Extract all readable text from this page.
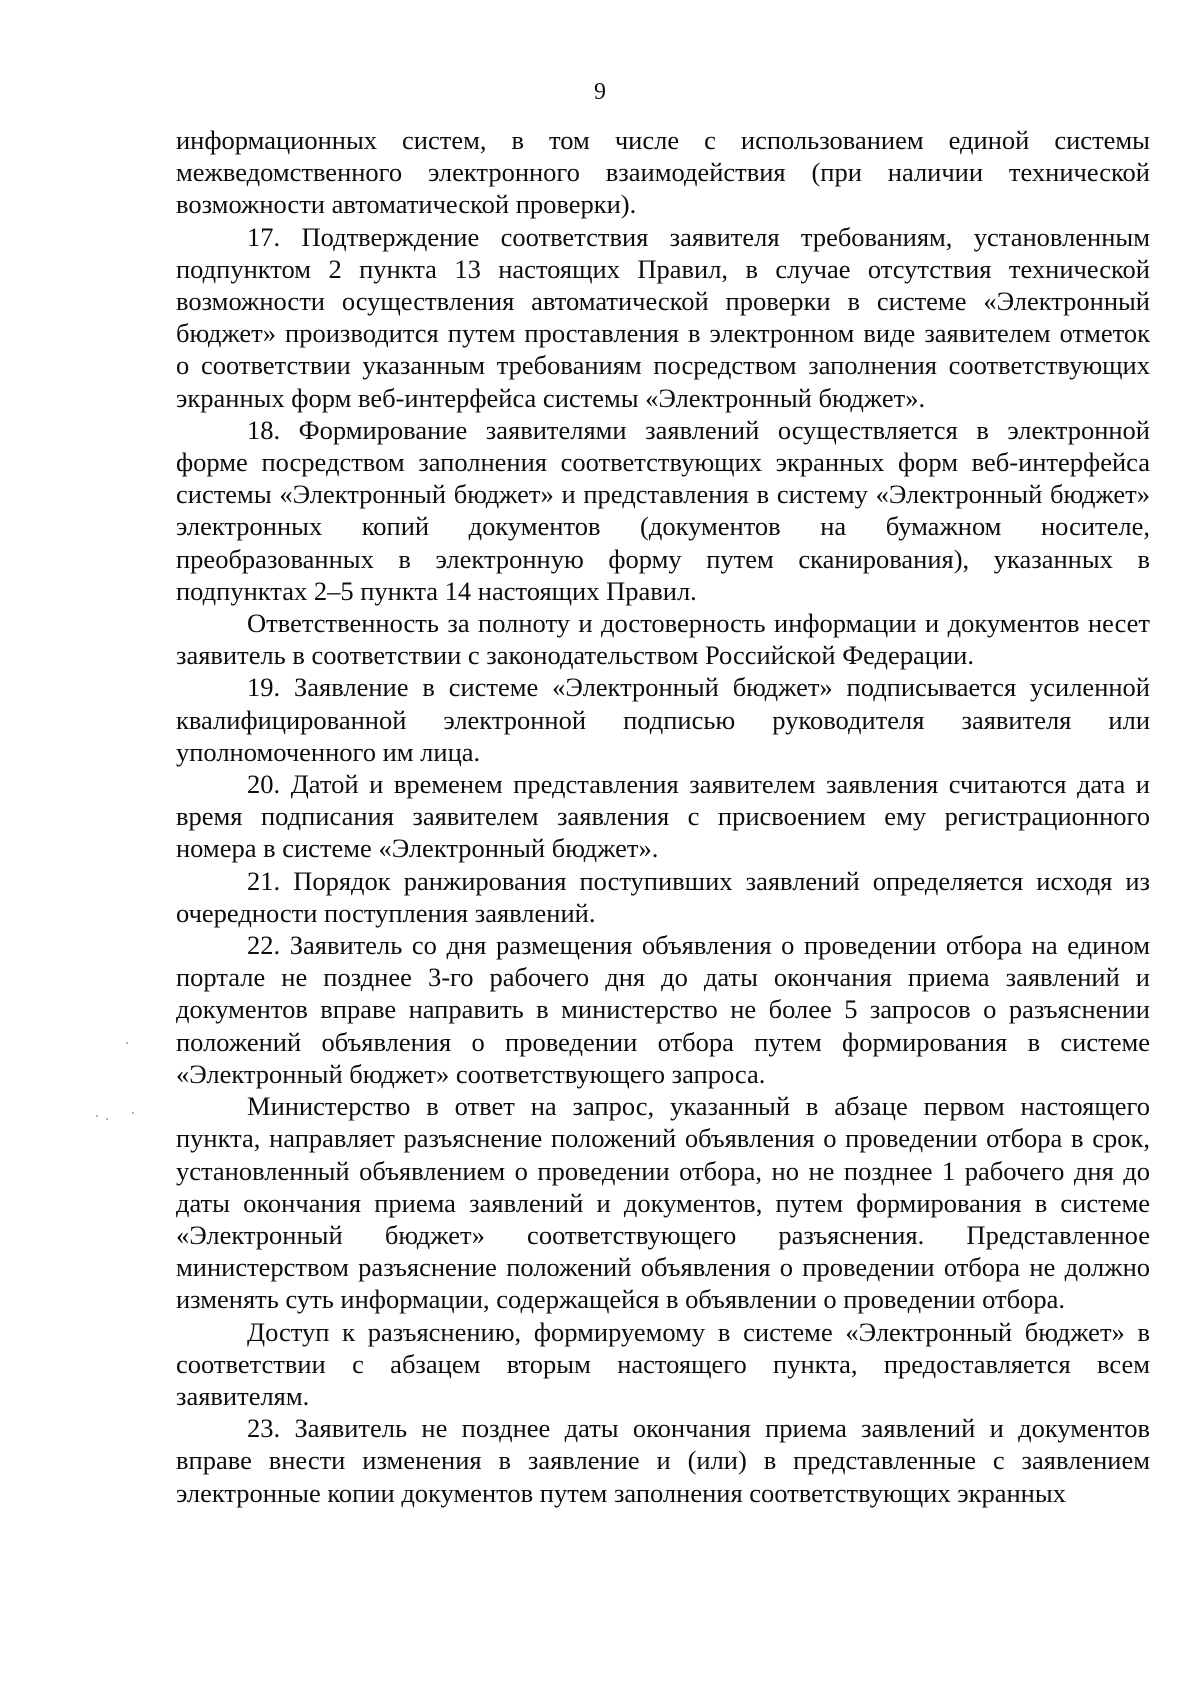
9

информационных систем, в том числе с использованием единой системы межведомственного электронного взаимодействия (при наличии технической возможности автоматической проверки).

17. Подтверждение соответствия заявителя требованиям, установленным подпунктом 2 пункта 13 настоящих Правил, в случае отсутствия технической возможности осуществления автоматической проверки в системе «Электронный бюджет» производится путем проставления в электронном виде заявителем отметок о соответствии указанным требованиям посредством заполнения соответствующих экранных форм веб-интерфейса системы «Электронный бюджет».

18. Формирование заявителями заявлений осуществляется в электронной форме посредством заполнения соответствующих экранных форм веб-интерфейса системы «Электронный бюджет» и представления в систему «Электронный бюджет» электронных копий документов (документов на бумажном носителе, преобразованных в электронную форму путем сканирования), указанных в подпунктах 2–5 пункта 14 настоящих Правил.

Ответственность за полноту и достоверность информации и документов несет заявитель в соответствии с законодательством Российской Федерации.

19. Заявление в системе «Электронный бюджет» подписывается усиленной квалифицированной электронной подписью руководителя заявителя или уполномоченного им лица.

20. Датой и временем представления заявителем заявления считаются дата и время подписания заявителем заявления с присвоением ему регистрационного номера в системе «Электронный бюджет».

21. Порядок ранжирования поступивших заявлений определяется исходя из очередности поступления заявлений.

22. Заявитель со дня размещения объявления о проведении отбора на едином портале не позднее 3-го рабочего дня до даты окончания приема заявлений и документов вправе направить в министерство не более 5 запросов о разъяснении положений объявления о проведении отбора путем формирования в системе «Электронный бюджет» соответствующего запроса.

Министерство в ответ на запрос, указанный в абзаце первом настоящего пункта, направляет разъяснение положений объявления о проведении отбора в срок, установленный объявлением о проведении отбора, но не позднее 1 рабочего дня до даты окончания приема заявлений и документов, путем формирования в системе «Электронный бюджет» соответствующего разъяснения. Представленное министерством разъяснение положений объявления о проведении отбора не должно изменять суть информации, содержащейся в объявлении о проведении отбора.

Доступ к разъяснению, формируемому в системе «Электронный бюджет» в соответствии с абзацем вторым настоящего пункта, предоставляется всем заявителям.

23. Заявитель не позднее даты окончания приема заявлений и документов вправе внести изменения в заявление и (или) в представленные с заявлением электронные копии документов путем заполнения соответствующих экранных
